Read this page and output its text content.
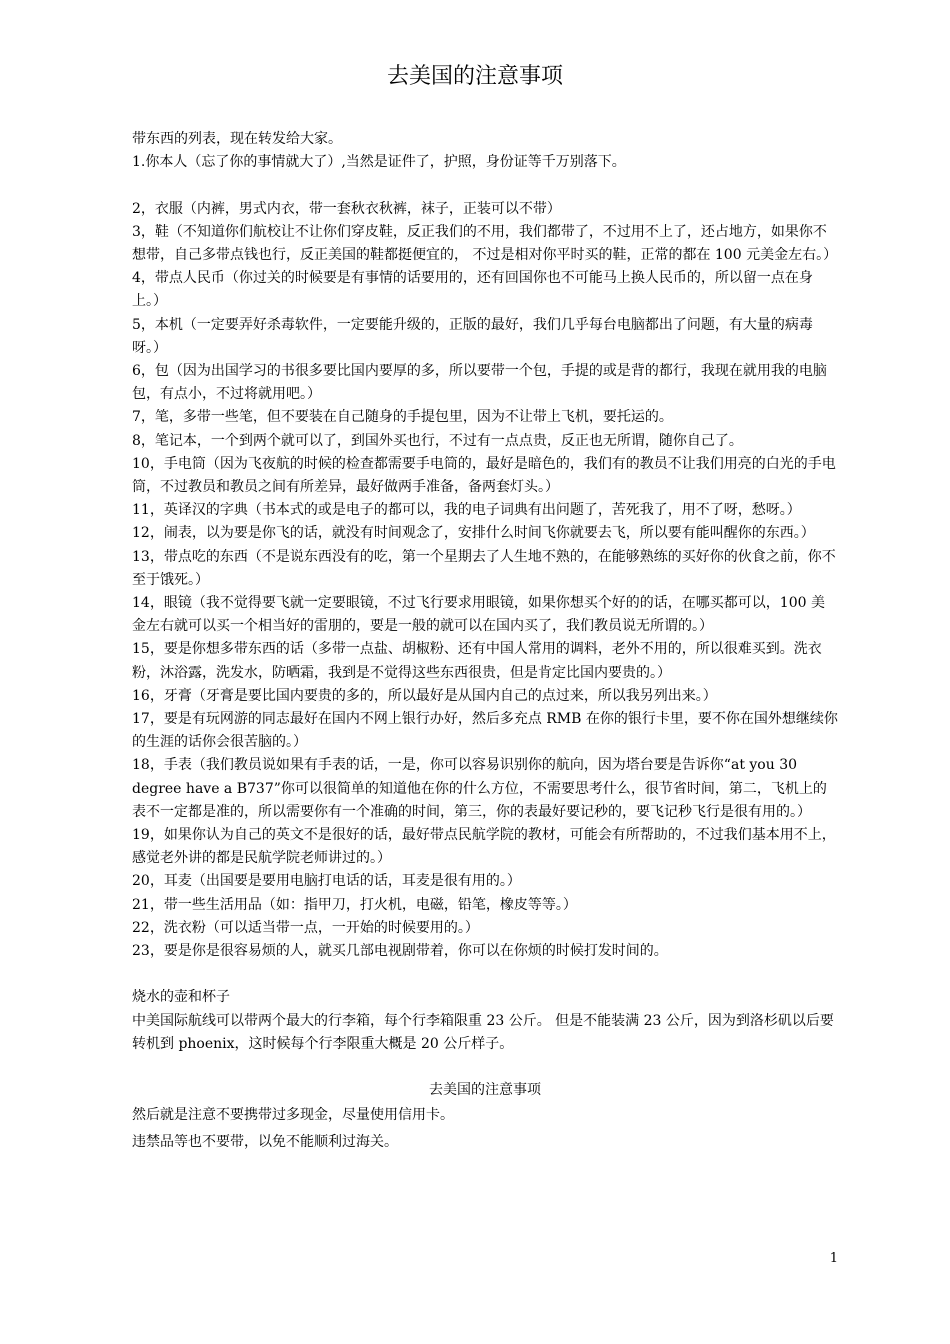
去美国的注意事项

带东西的列表，现在转发给大家。

1.你本人（忘了你的事情就大了）,当然是证件了，护照，身份证等千万别落下。

2，衣服（内裤，男式内衣，带一套秋衣秋裤，袜子，正装可以不带）

3，鞋（不知道你们航校让不让你们穿皮鞋，反正我们的不用，我们都带了，不过用不上了，还占地方，如果你不想带，自己多带点钱也行，反正美国的鞋都挺便宜的， 不过是相对你平时买的鞋，正常的都在 100 元美金左右。）

4，带点人民币（你过关的时候要是有事情的话要用的，还有回国你也不可能马上换人民币的，所以留一点在身上。）

5，本机（一定要弄好杀毒软件，一定要能升级的，正版的最好，我们几乎每台电脑都出了问题，有大量的病毒呀。）

6，包（因为出国学习的书很多要比国内要厚的多，所以要带一个包，手提的或是背的都行，我现在就用我的电脑包，有点小，不过将就用吧。）

7，笔，多带一些笔，但不要装在自己随身的手提包里，因为不让带上飞机，要托运的。

8，笔记本，一个到两个就可以了，到国外买也行，不过有一点点贵，反正也无所谓，随你自己了。

10，手电筒（因为飞夜航的时候的检查都需要手电筒的，最好是暗色的，我们有的教员不让我们用亮的白光的手电筒，不过教员和教员之间有所差异，最好做两手准备，备两套灯头。）

11，英译汉的字典（书本式的或是电子的都可以，我的电子词典有出问题了，苦死我了，用不了呀，愁呀。）

12，闹表，以为要是你飞的话，就没有时间观念了，安排什么时间飞你就要去飞，所以要有能叫醒你的东西。）

13，带点吃的东西（不是说东西没有的吃，第一个星期去了人生地不熟的，在能够熟练的买好你的伙食之前，你不至于饿死。）

14，眼镜（我不觉得要飞就一定要眼镜，不过飞行要求用眼镜，如果你想买个好的的话，在哪买都可以，100 美金左右就可以买一个相当好的雷朋的，要是一般的就可以在国内买了，我们教员说无所谓的。）

15，要是你想多带东西的话（多带一点盐、胡椒粉、还有中国人常用的调料，老外不用的，所以很难买到。洗衣粉，沐浴露，洗发水，防晒霜，我到是不觉得这些东西很贵，但是肯定比国内要贵的。）

16，牙膏（牙膏是要比国内要贵的多的，所以最好是从国内自己的点过来，所以我另列出来。）

17，要是有玩网游的同志最好在国内不网上银行办好，然后多充点 RMB 在你的银行卡里，要不你在国外想继续你的生涯的话你会很苦脑的。）

18，手表（我们教员说如果有手表的话，一是，你可以容易识别你的航向，因为塔台要是告诉你“at you 30 degree have a B737”你可以很简单的知道他在你的什么方位，不需要思考什么，很节省时间，第二，飞机上的表不一定都是准的，所以需要你有一个准确的时间，第三，你的表最好要记秒的，要飞记秒飞行是很有用的。）

19，如果你认为自己的英文不是很好的话，最好带点民航学院的教材，可能会有所帮助的，不过我们基本用不上，感觉老外讲的都是民航学院老师讲过的。）

20，耳麦（出国要是要用电脑打电话的话，耳麦是很有用的。）

21，带一些生活用品（如：指甲刀，打火机，电磁，铅笔，橡皮等等。）

22，洗衣粉（可以适当带一点，一开始的时候要用的。）

23，要是你是很容易烦的人，就买几部电视剧带着，你可以在你烦的时候打发时间的。

烧水的壶和杯子

中美国际航线可以带两个最大的行李箱，每个行李箱限重 23 公斤。 但是不能装满 23 公斤，因为到洛杉矶以后要转机到 phoenix，这时候每个行李限重大概是 20 公斤样子。

去美国的注意事项

然后就是注意不要携带过多现金，尽量使用信用卡。

违禁品等也不要带，以免不能顺利过海关。

1
